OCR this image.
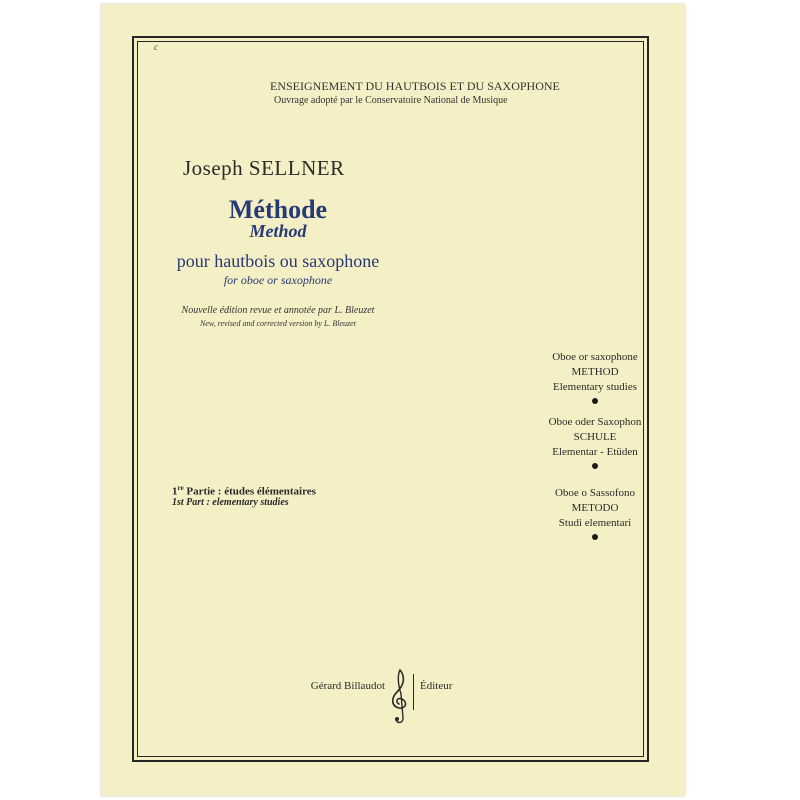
c
ENSEIGNEMENT DU HAUTBOIS ET DU SAXOPHONE
Ouvrage adopté par le Conservatoire National de Musique
Joseph SELLNER
Méthode
Method
pour hautbois ou saxophone
for oboe or saxophone
Nouvelle édition revue et annotée par L. Bleuzet
New, revised and corrected version by L. Bleuzet
1re Partie : études élémentaires
1st Part : elementary studies
Oboe or saxophone
METHOD
Elementary studies
Oboe oder Saxophon
SCHULE
Elementar - Etüden
Oboe o Sassofono
METODO
Studi elementari
Gérard Billaudot	Éditeur
